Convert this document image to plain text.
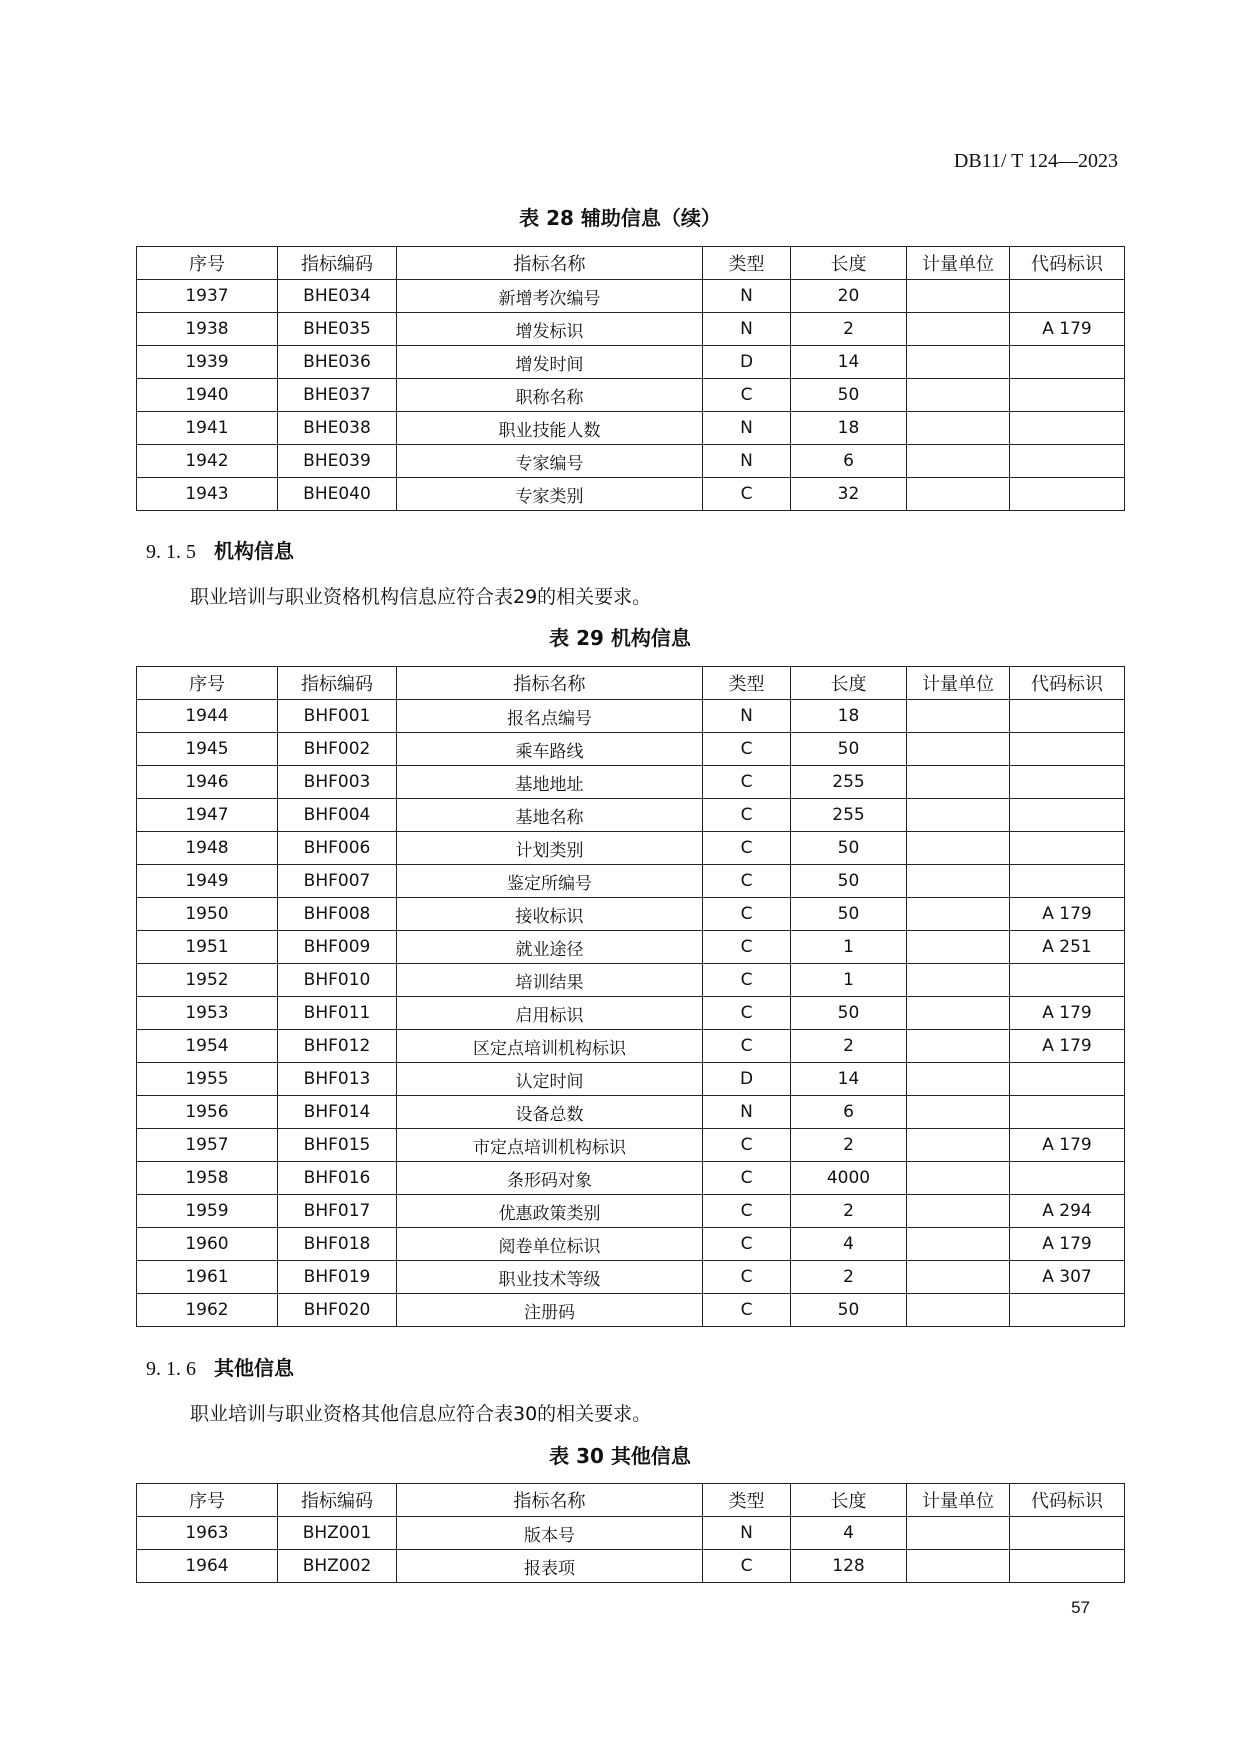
DB11/ T 124—2023
表 28 辅助信息（续）
序号	指标编码	指标名称	类型	长度	计量单位	代码标识
1937	BHE034	新增考次编号	N	20		
1938	BHE035	增发标识	N	2		A 179
1939	BHE036	增发时间	D	14		
1940	BHE037	职称名称	C	50		
1941	BHE038	职业技能人数	N	18		
1942	BHE039	专家编号	N	6		
1943	BHE040	专家类别	C	32		
9. 1. 5 机构信息
职业培训与职业资格机构信息应符合表29的相关要求。
表 29 机构信息
序号	指标编码	指标名称	类型	长度	计量单位	代码标识
1944	BHF001	报名点编号	N	18		
1945	BHF002	乘车路线	C	50		
1946	BHF003	基地地址	C	255		
1947	BHF004	基地名称	C	255		
1948	BHF006	计划类别	C	50		
1949	BHF007	鉴定所编号	C	50		
1950	BHF008	接收标识	C	50		A 179
1951	BHF009	就业途径	C	1		A 251
1952	BHF010	培训结果	C	1		
1953	BHF011	启用标识	C	50		A 179
1954	BHF012	区定点培训机构标识	C	2		A 179
1955	BHF013	认定时间	D	14		
1956	BHF014	设备总数	N	6		
1957	BHF015	市定点培训机构标识	C	2		A 179
1958	BHF016	条形码对象	C	4000		
1959	BHF017	优惠政策类别	C	2		A 294
1960	BHF018	阅卷单位标识	C	4		A 179
1961	BHF019	职业技术等级	C	2		A 307
1962	BHF020	注册码	C	50		
9. 1. 6 其他信息
职业培训与职业资格其他信息应符合表30的相关要求。
表 30 其他信息
序号	指标编码	指标名称	类型	长度	计量单位	代码标识
1963	BHZ001	版本号	N	4		
1964	BHZ002	报表项	C	128		
57
